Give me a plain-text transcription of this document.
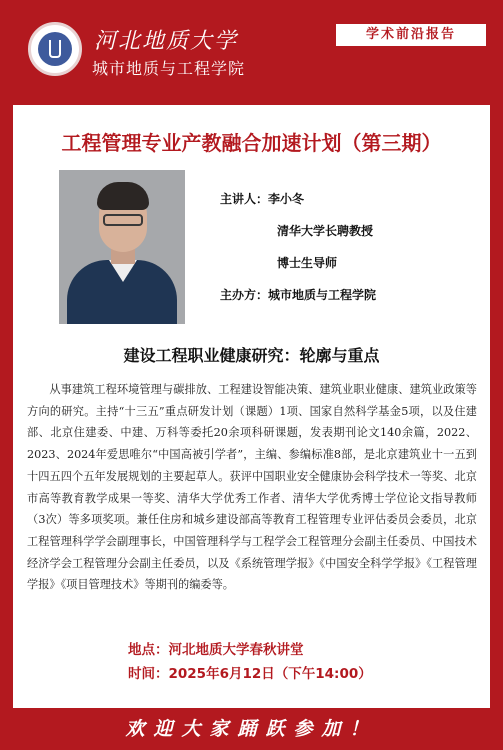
河北地质大学
城市地质与工程学院
学术前沿报告
工程管理专业产教融合加速计划（第三期）
主讲人：李小冬
清华大学长聘教授
博士生导师
主办方：城市地质与工程学院
建设工程职业健康研究：轮廓与重点
从事建筑工程环境管理与碳排放、工程建设智能决策、建筑业职业健康、建筑业政策等方向的研究。主持“十三五”重点研发计划（课题）1项、国家自然科学基金5项，以及住建部、北京住建委、中建、万科等委托20余项科研课题，发表期刊论文140余篇，2022、2023、2024年爱思唯尔“中国高被引学者”，主编、参编标准8部，是北京建筑业十一五到十四五四个五年发展规划的主要起草人。获评中国职业安全健康协会科学技术一等奖、北京市高等教育教学成果一等奖、清华大学优秀工作者、清华大学优秀博士学位论文指导教师（3次）等多项奖项。兼任住房和城乡建设部高等教育工程管理专业评估委员会委员，北京工程管理科学学会副理事长，中国管理科学与工程学会工程管理分会副主任委员、中国技术经济学会工程管理分会副主任委员，以及《系统管理学报》《中国安全科学学报》《工程管理学报》《项目管理技术》等期刊的编委等。
地点：河北地质大学春秋讲堂
时间：2025年6月12日（下午14:00）
欢迎大家踊跃参加！
